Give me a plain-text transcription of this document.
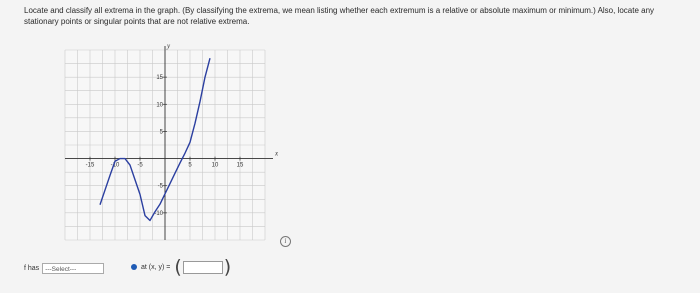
Locate and classify all extrema in the graph. (By classifying the extrema, we mean listing whether each extremum is a relative or absolute maximum or minimum.) Also, locate any stationary points or singular points that are not relative extrema.
x
y
-15	-10	-5	5	10	15
15
10
5
-5
-10
i
f has ---Select---	at (x, y) = ( )
